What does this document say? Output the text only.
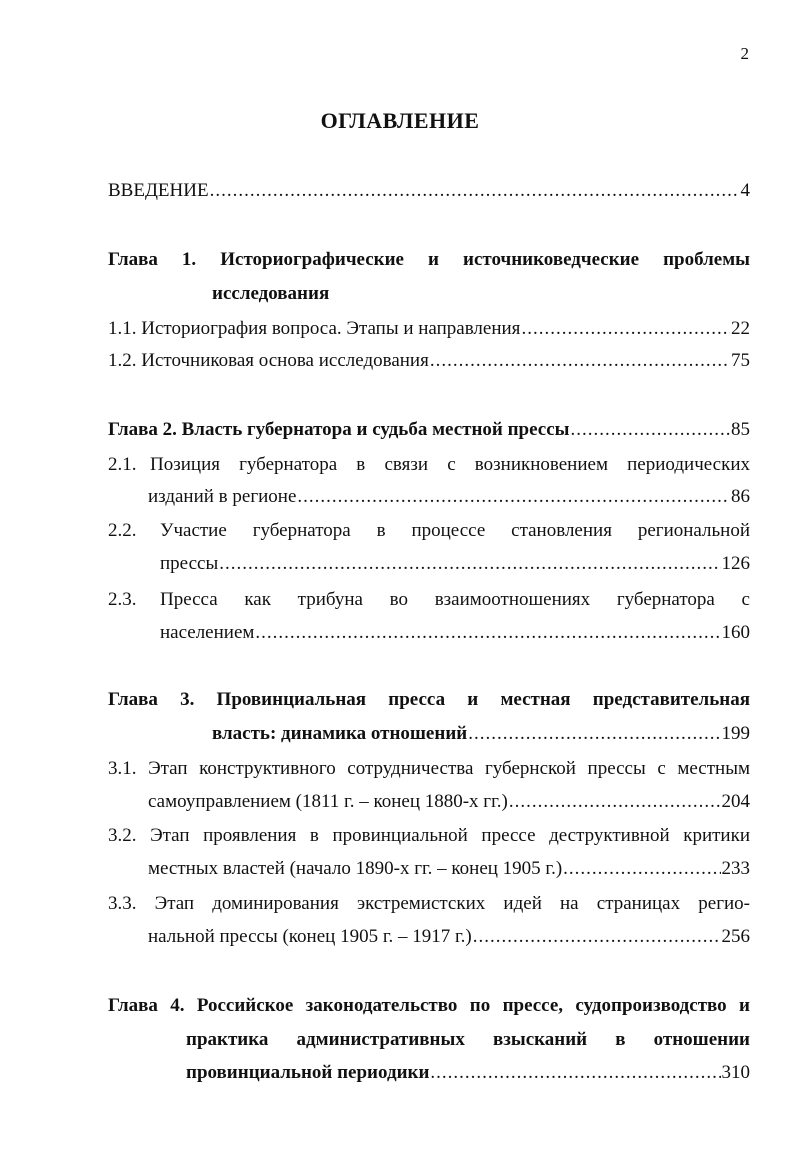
2
ОГЛАВЛЕНИЕ
ВВЕДЕНИЕ .....	4
Глава 1. Историографические и источниковедческие проблемы
исследования
1.1. Историография вопроса. Этапы и направления .....	22
1.2. Источниковая основа исследования .....	75
Глава 2. Власть губернатора и судьба местной прессы .....	85
2.1. Позиция губернатора в связи с возникновением периодических
изданий в регионе .....	86
2.2.	Участие губернатора в процессе становления региональной
прессы .....	126
2.3.	Пресса как трибуна во взаимоотношениях губернатора с
населением .....	160
Глава 3. Провинциальная пресса и местная представительная
власть: динамика отношений .....	199
3.1. Этап конструктивного сотрудничества губернской прессы с местным
самоуправлением (1811 г. – конец 1880-х гг.) .....	204
3.2. Этап проявления в провинциальной прессе деструктивной критики
местных властей (начало 1890-х гг. – конец 1905 г.) .....	233
3.3. Этап доминирования экстремистских идей на страницах регио-
нальной прессы (конец 1905 г. – 1917 г.) .....	256
Глава 4. Российское законодательство по прессе, судопроизводство и
практика административных взысканий в отношении
провинциальной периодики .....	310
